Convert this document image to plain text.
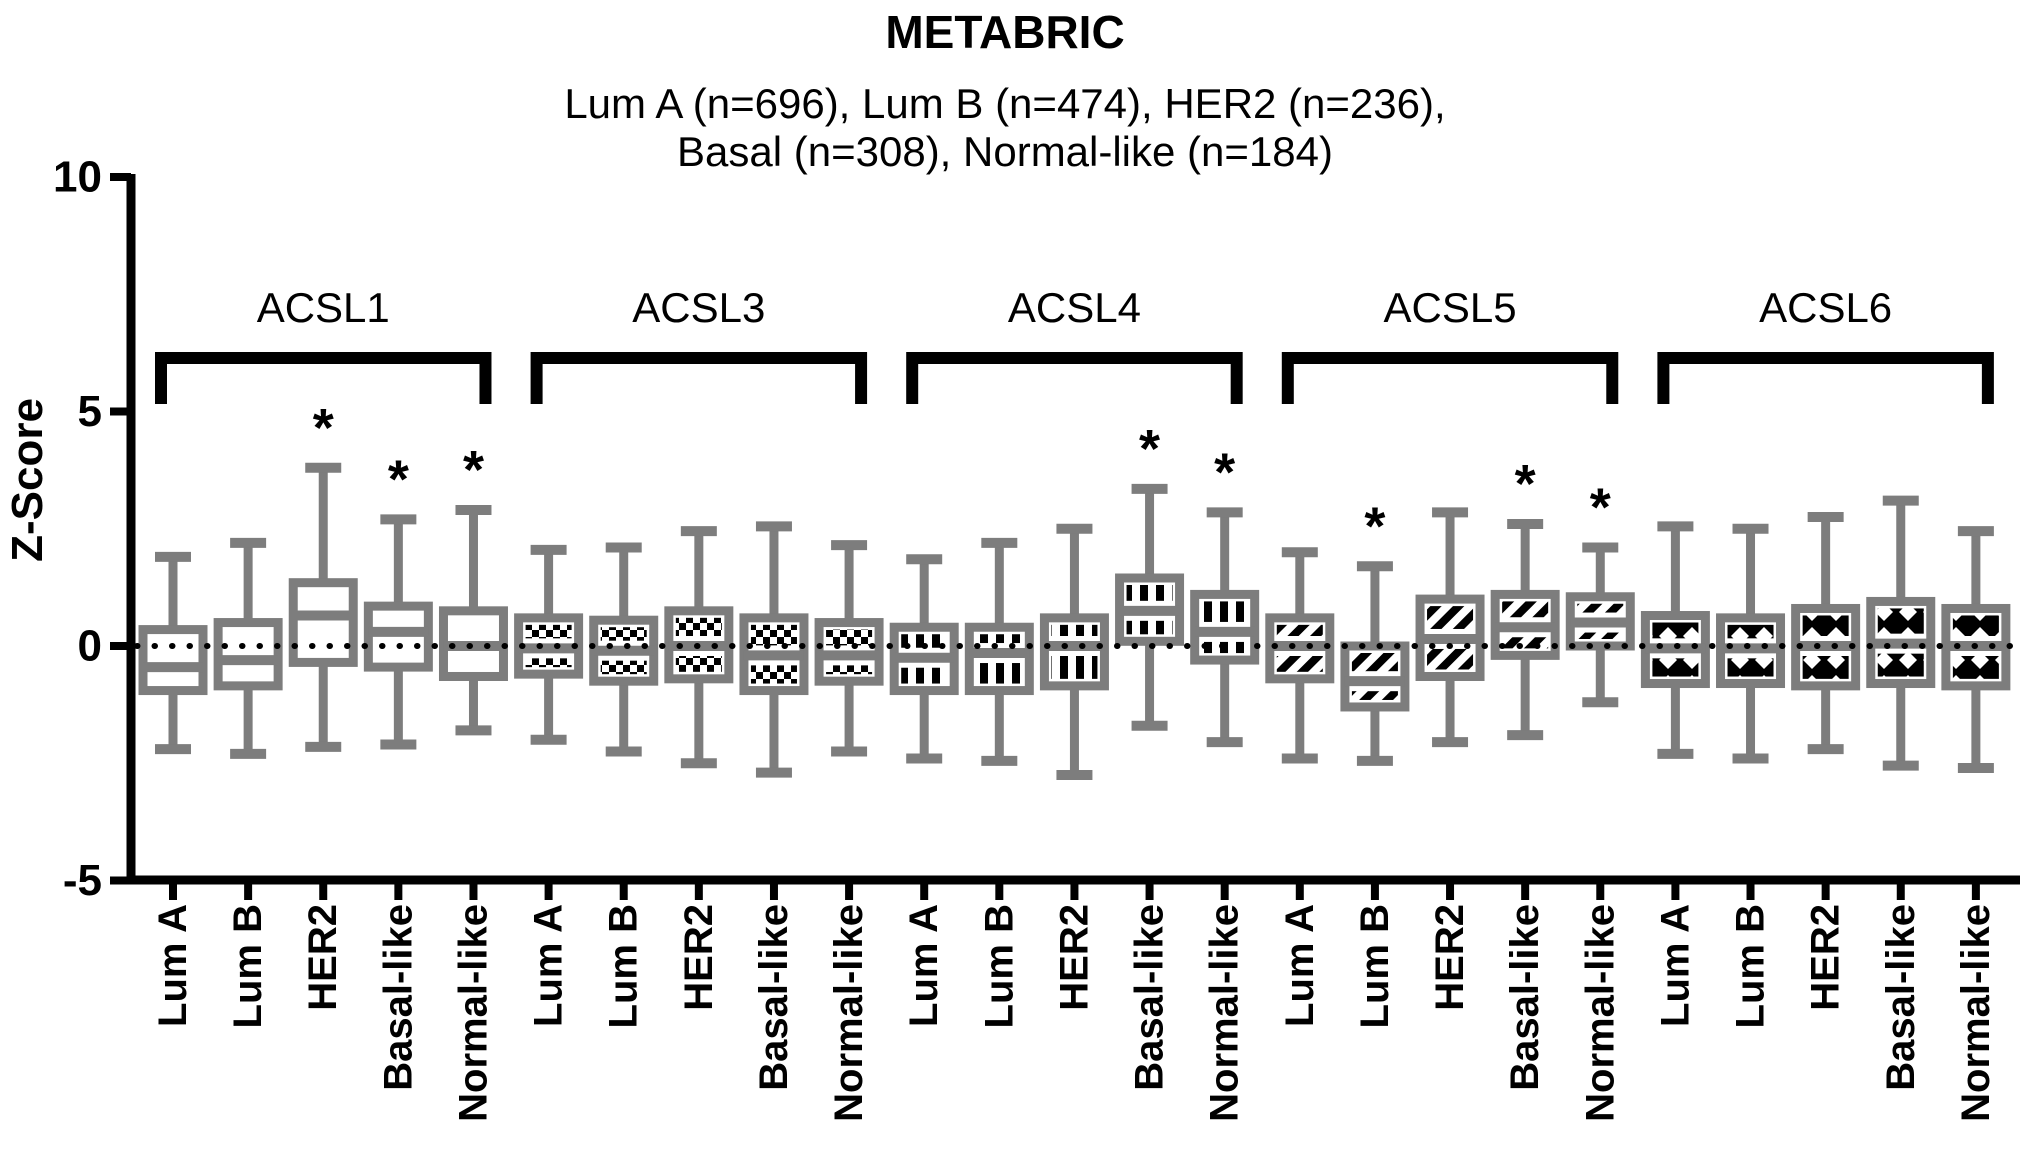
METABRIC
Lum A (n=696), Lum B (n=474), HER2 (n=236),
Basal (n=308), Normal-like (n=184)
Z-Score
10
5
0
-5
ACSL1
Lum A Lum B HER2
*
Basal-like
*
Normal-like
*
ACSL3
Lum A Lum B HER2 Basal-like Normal-like
ACSL4
Lum A Lum B HER2 Basal-like
*
Normal-like
*
ACSL5
Lum A Lum B
*
HER2 Basal-like
*
Normal-like
*
ACSL6
Lum A Lum B HER2 Basal-like Normal-like
